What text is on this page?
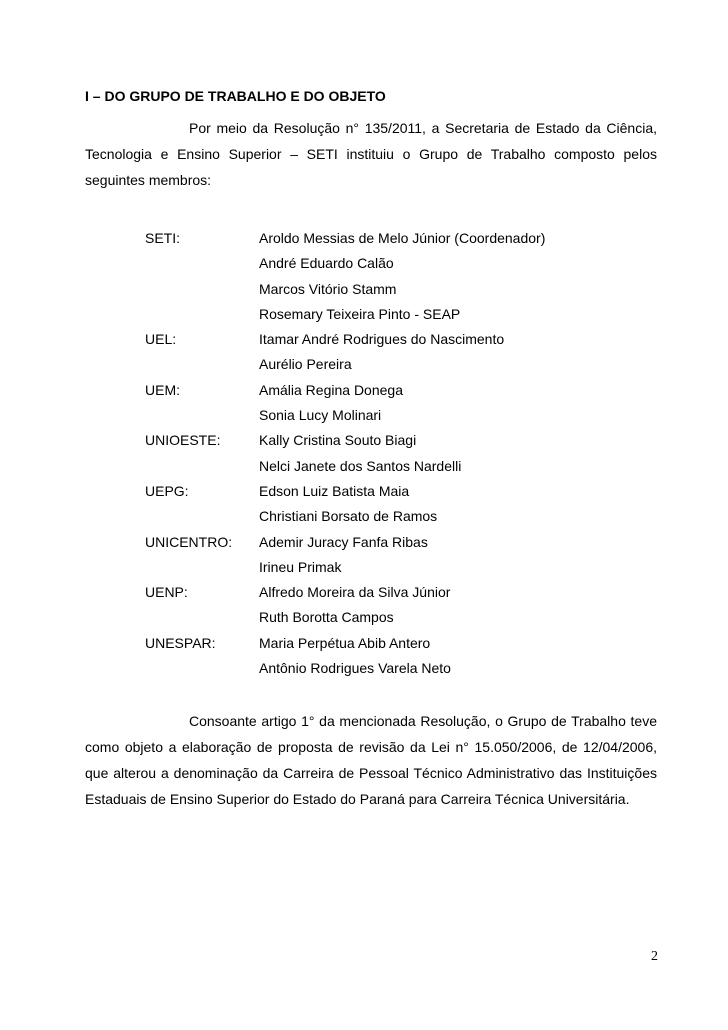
I – DO GRUPO DE TRABALHO E DO OBJETO

Por meio da Resolução n° 135/2011, a Secretaria de Estado da Ciência, Tecnologia e Ensino Superior – SETI instituiu o Grupo de Trabalho composto pelos seguintes membros:

SETI:	Aroldo Messias de Melo Júnior (Coordenador)
André Eduardo Calão
Marcos Vitório Stamm
Rosemary Teixeira Pinto - SEAP
UEL:	Itamar André Rodrigues do Nascimento
Aurélio Pereira
UEM:	Amália Regina Donega
Sonia Lucy Molinari
UNIOESTE:	Kally Cristina Souto Biagi
Nelci Janete dos Santos Nardelli
UEPG:	Edson Luiz Batista Maia
Christiani Borsato de Ramos
UNICENTRO: Ademir Juracy Fanfa Ribas
Irineu Primak
UENP:	Alfredo Moreira da Silva Júnior
Ruth Borotta Campos
UNESPAR:	Maria Perpétua Abib Antero
Antônio Rodrigues Varela Neto

Consoante artigo 1° da mencionada Resolução, o Grupo de Trabalho teve como objeto a elaboração de proposta de revisão da Lei n° 15.050/2006, de 12/04/2006, que alterou a denominação da Carreira de Pessoal Técnico Administrativo das Instituições Estaduais de Ensino Superior do Estado do Paraná para Carreira Técnica Universitária.

2
